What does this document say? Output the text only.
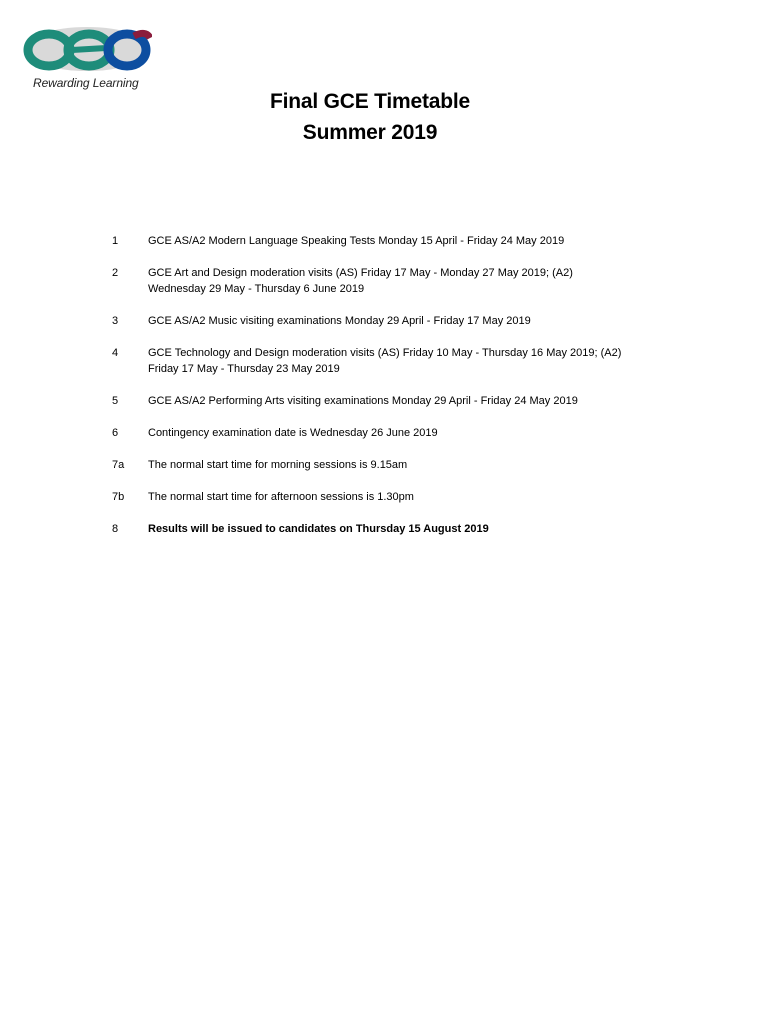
Rewarding Learning
Final GCE Timetable
Summer 2019
1	GCE AS/A2 Modern Language Speaking Tests Monday 15 April - Friday 24 May 2019
2	GCE Art and Design moderation visits (AS) Friday 17 May - Monday 27 May 2019; (A2) Wednesday 29 May - Thursday 6 June 2019
3	GCE AS/A2 Music visiting examinations Monday 29 April - Friday 17 May 2019
4	GCE Technology and Design moderation visits (AS) Friday 10 May - Thursday 16 May 2019; (A2) Friday 17 May - Thursday 23 May 2019
5	GCE AS/A2 Performing Arts visiting examinations Monday 29 April - Friday 24 May 2019
6	Contingency examination date is Wednesday 26 June 2019
7a	The normal start time for morning sessions is 9.15am
7b	The normal start time for afternoon sessions is 1.30pm
8	Results will be issued to candidates on Thursday 15 August 2019
